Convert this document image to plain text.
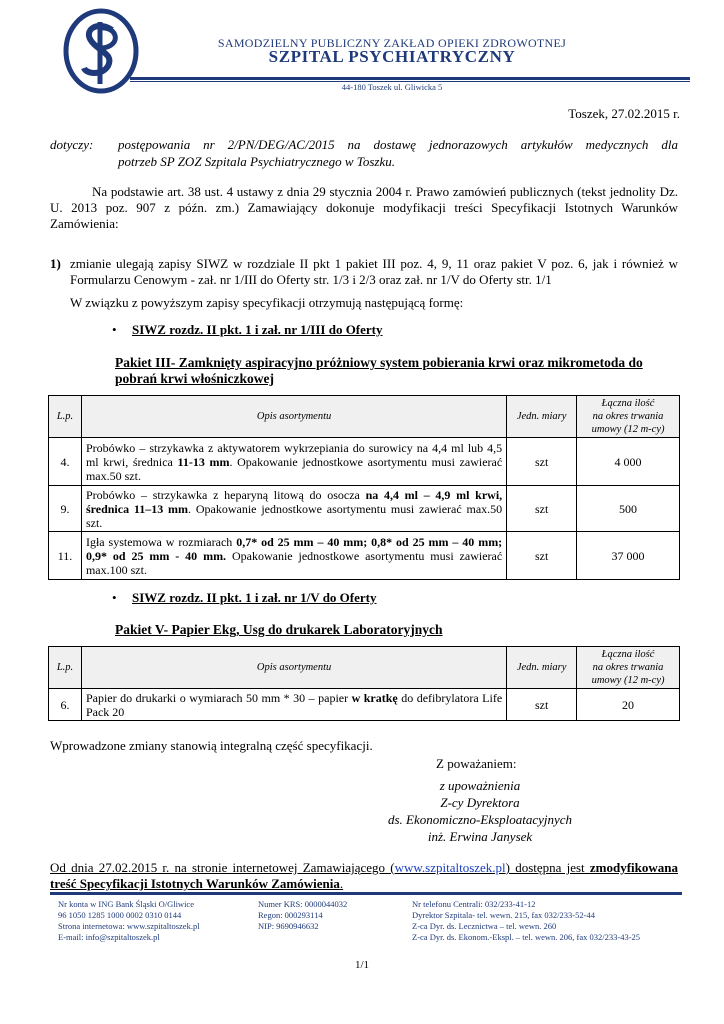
SAMODZIELNY PUBLICZNY ZAKŁAD OPIEKI ZDROWOTNEJ
SZPITAL PSYCHIATRYCZNY
44-180 Toszek ul. Gliwicka 5
Toszek, 27.02.2015 r.
dotyczy: postępowania nr 2/PN/DEG/AC/2015 na dostawę jednorazowych artykułów medycznych dla
potrzeb SP ZOZ Szpitala Psychiatrycznego w Toszku.
Na podstawie art. 38 ust. 4 ustawy z dnia 29 stycznia 2004 r. Prawo zamówień publicznych (tekst jednolity Dz. U. 2013 poz. 907 z późn. zm.) Zamawiający dokonuje modyfikacji treści Specyfikacji Istotnych Warunków Zamówienia:
1) zmianie ulegają zapisy SIWZ w rozdziale II pkt 1 pakiet III poz. 4, 9, 11 oraz pakiet V poz. 6, jak i również w Formularzu Cenowym - zał. nr 1/III do Oferty str. 1/3 i 2/3 oraz zał. nr 1/V do Oferty str. 1/1
W związku z powyższym zapisy specyfikacji otrzymują następującą formę:
• SIWZ rozdz. II pkt. 1 i zał. nr 1/III do Oferty
Pakiet III- Zamknięty aspiracyjno próżniowy system pobierania krwi oraz mikrometoda do pobrań krwi włośniczkowej
L.p.	Opis asortymentu	Jedn. miary	Łączna ilość
na okres trwania
umowy (12 m-cy)

4.	Probówko – strzykawka z aktywatorem wykrzepiania do surowicy na 4,4 ml lub 4,5 ml krwi, średnica 11-13 mm. Opakowanie jednostkowe asortymentu musi zawierać max.50 szt.	szt	4 000
9.	Probówko – strzykawka z heparyną litową do osocza na 4,4 ml – 4,9 ml krwi, średnica 11–13 mm. Opakowanie jednostkowe asortymentu musi zawierać max.50 szt.	szt	500
11.	Igła systemowa w rozmiarach 0,7* od 25 mm – 40 mm; 0,8* od 25 mm – 40 mm; 0,9* od 25 mm - 40 mm. Opakowanie jednostkowe asortymentu musi zawierać max.100 szt.	szt	37 000
• SIWZ rozdz. II pkt. 1 i zał. nr 1/V do Oferty
Pakiet V- Papier Ekg, Usg do drukarek Laboratoryjnych
L.p.	Opis asortymentu	Jedn. miary	Łączna ilość
na okres trwania
umowy (12 m-cy)

6.	Papier do drukarki o wymiarach 50 mm * 30 – papier w kratkę do defibrylatora Life Pack 20	szt	20
Wprowadzone zmiany stanowią integralną część specyfikacji.
Z poważaniem:
z upoważnienia
Z-cy Dyrektora
ds. Ekonomiczno-Eksploatacyjnych
inż. Erwina Janysek
Od dnia 27.02.2015 r. na stronie internetowej Zamawiającego (www.szpitaltoszek.pl) dostępna jest zmodyfikowana treść Specyfikacji Istotnych Warunków Zamówienia.
Nr konta w ING Bank Śląski O/Gliwice
96 1050 1285 1000 0002 0310 0144
Strona internetowa: www.szpitaltoszek.pl
E-mail: info@szpitaltoszek.pl
Numer KRS: 0000044032
Regon: 000293114
NIP: 9690946632
Nr telefonu Centrali: 032/233-41-12
Dyrektor Szpitala- tel. wewn. 215, fax 032/233-52-44
Z-ca Dyr. ds. Lecznictwa – tel. wewn. 260
Z-ca Dyr. ds. Ekonom.-Ekspl. – tel. wewn. 206, fax 032/233-43-25
1/1
